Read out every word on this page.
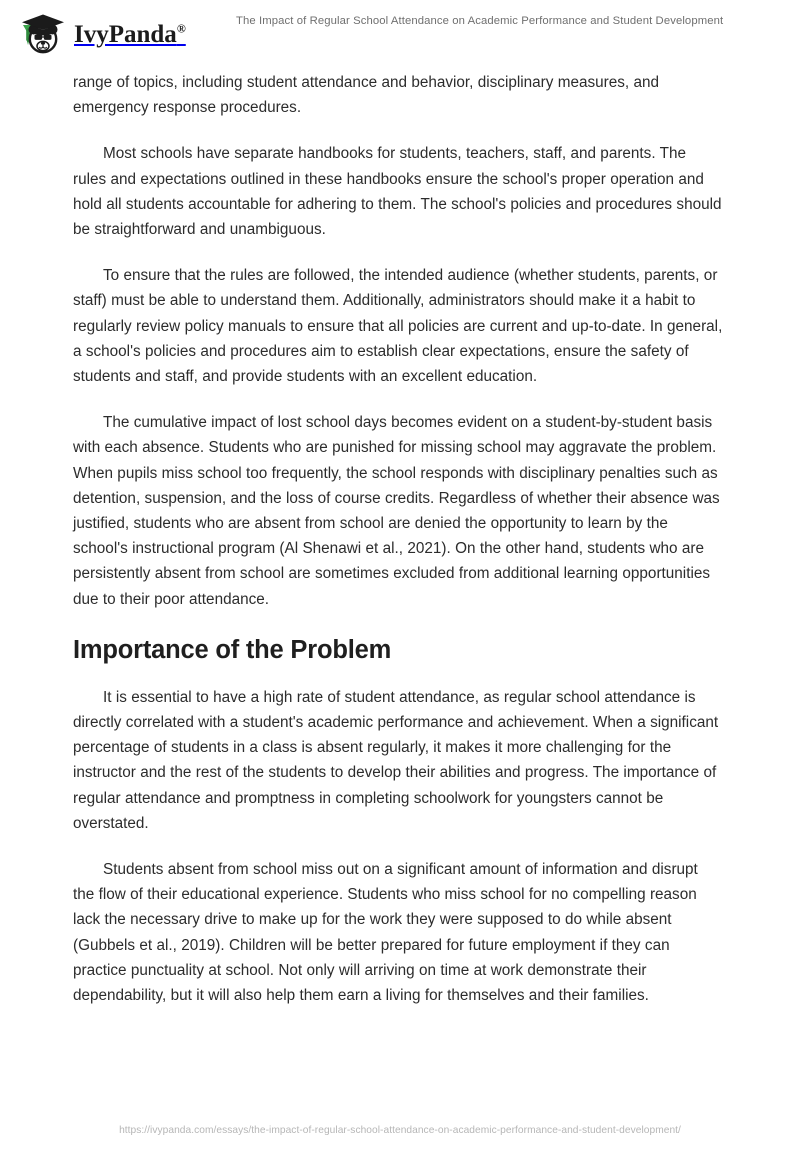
IvyPanda®
The Impact of Regular School Attendance on Academic Performance and Student Development

range of topics, including student attendance and behavior, disciplinary measures, and emergency response procedures.

Most schools have separate handbooks for students, teachers, staff, and parents. The rules and expectations outlined in these handbooks ensure the school's proper operation and hold all students accountable for adhering to them. The school's policies and procedures should be straightforward and unambiguous.

To ensure that the rules are followed, the intended audience (whether students, parents, or staff) must be able to understand them. Additionally, administrators should make it a habit to regularly review policy manuals to ensure that all policies are current and up-to-date. In general, a school's policies and procedures aim to establish clear expectations, ensure the safety of students and staff, and provide students with an excellent education.

The cumulative impact of lost school days becomes evident on a student-by-student basis with each absence. Students who are punished for missing school may aggravate the problem. When pupils miss school too frequently, the school responds with disciplinary penalties such as detention, suspension, and the loss of course credits. Regardless of whether their absence was justified, students who are absent from school are denied the opportunity to learn by the school's instructional program (Al Shenawi et al., 2021). On the other hand, students who are persistently absent from school are sometimes excluded from additional learning opportunities due to their poor attendance.

Importance of the Problem

It is essential to have a high rate of student attendance, as regular school attendance is directly correlated with a student's academic performance and achievement. When a significant percentage of students in a class is absent regularly, it makes it more challenging for the instructor and the rest of the students to develop their abilities and progress. The importance of regular attendance and promptness in completing schoolwork for youngsters cannot be overstated.

Students absent from school miss out on a significant amount of information and disrupt the flow of their educational experience. Students who miss school for no compelling reason lack the necessary drive to make up for the work they were supposed to do while absent (Gubbels et al., 2019). Children will be better prepared for future employment if they can practice punctuality at school. Not only will arriving on time at work demonstrate their dependability, but it will also help them earn a living for themselves and their families.

https://ivypanda.com/essays/the-impact-of-regular-school-attendance-on-academic-performance-and-student-development/
